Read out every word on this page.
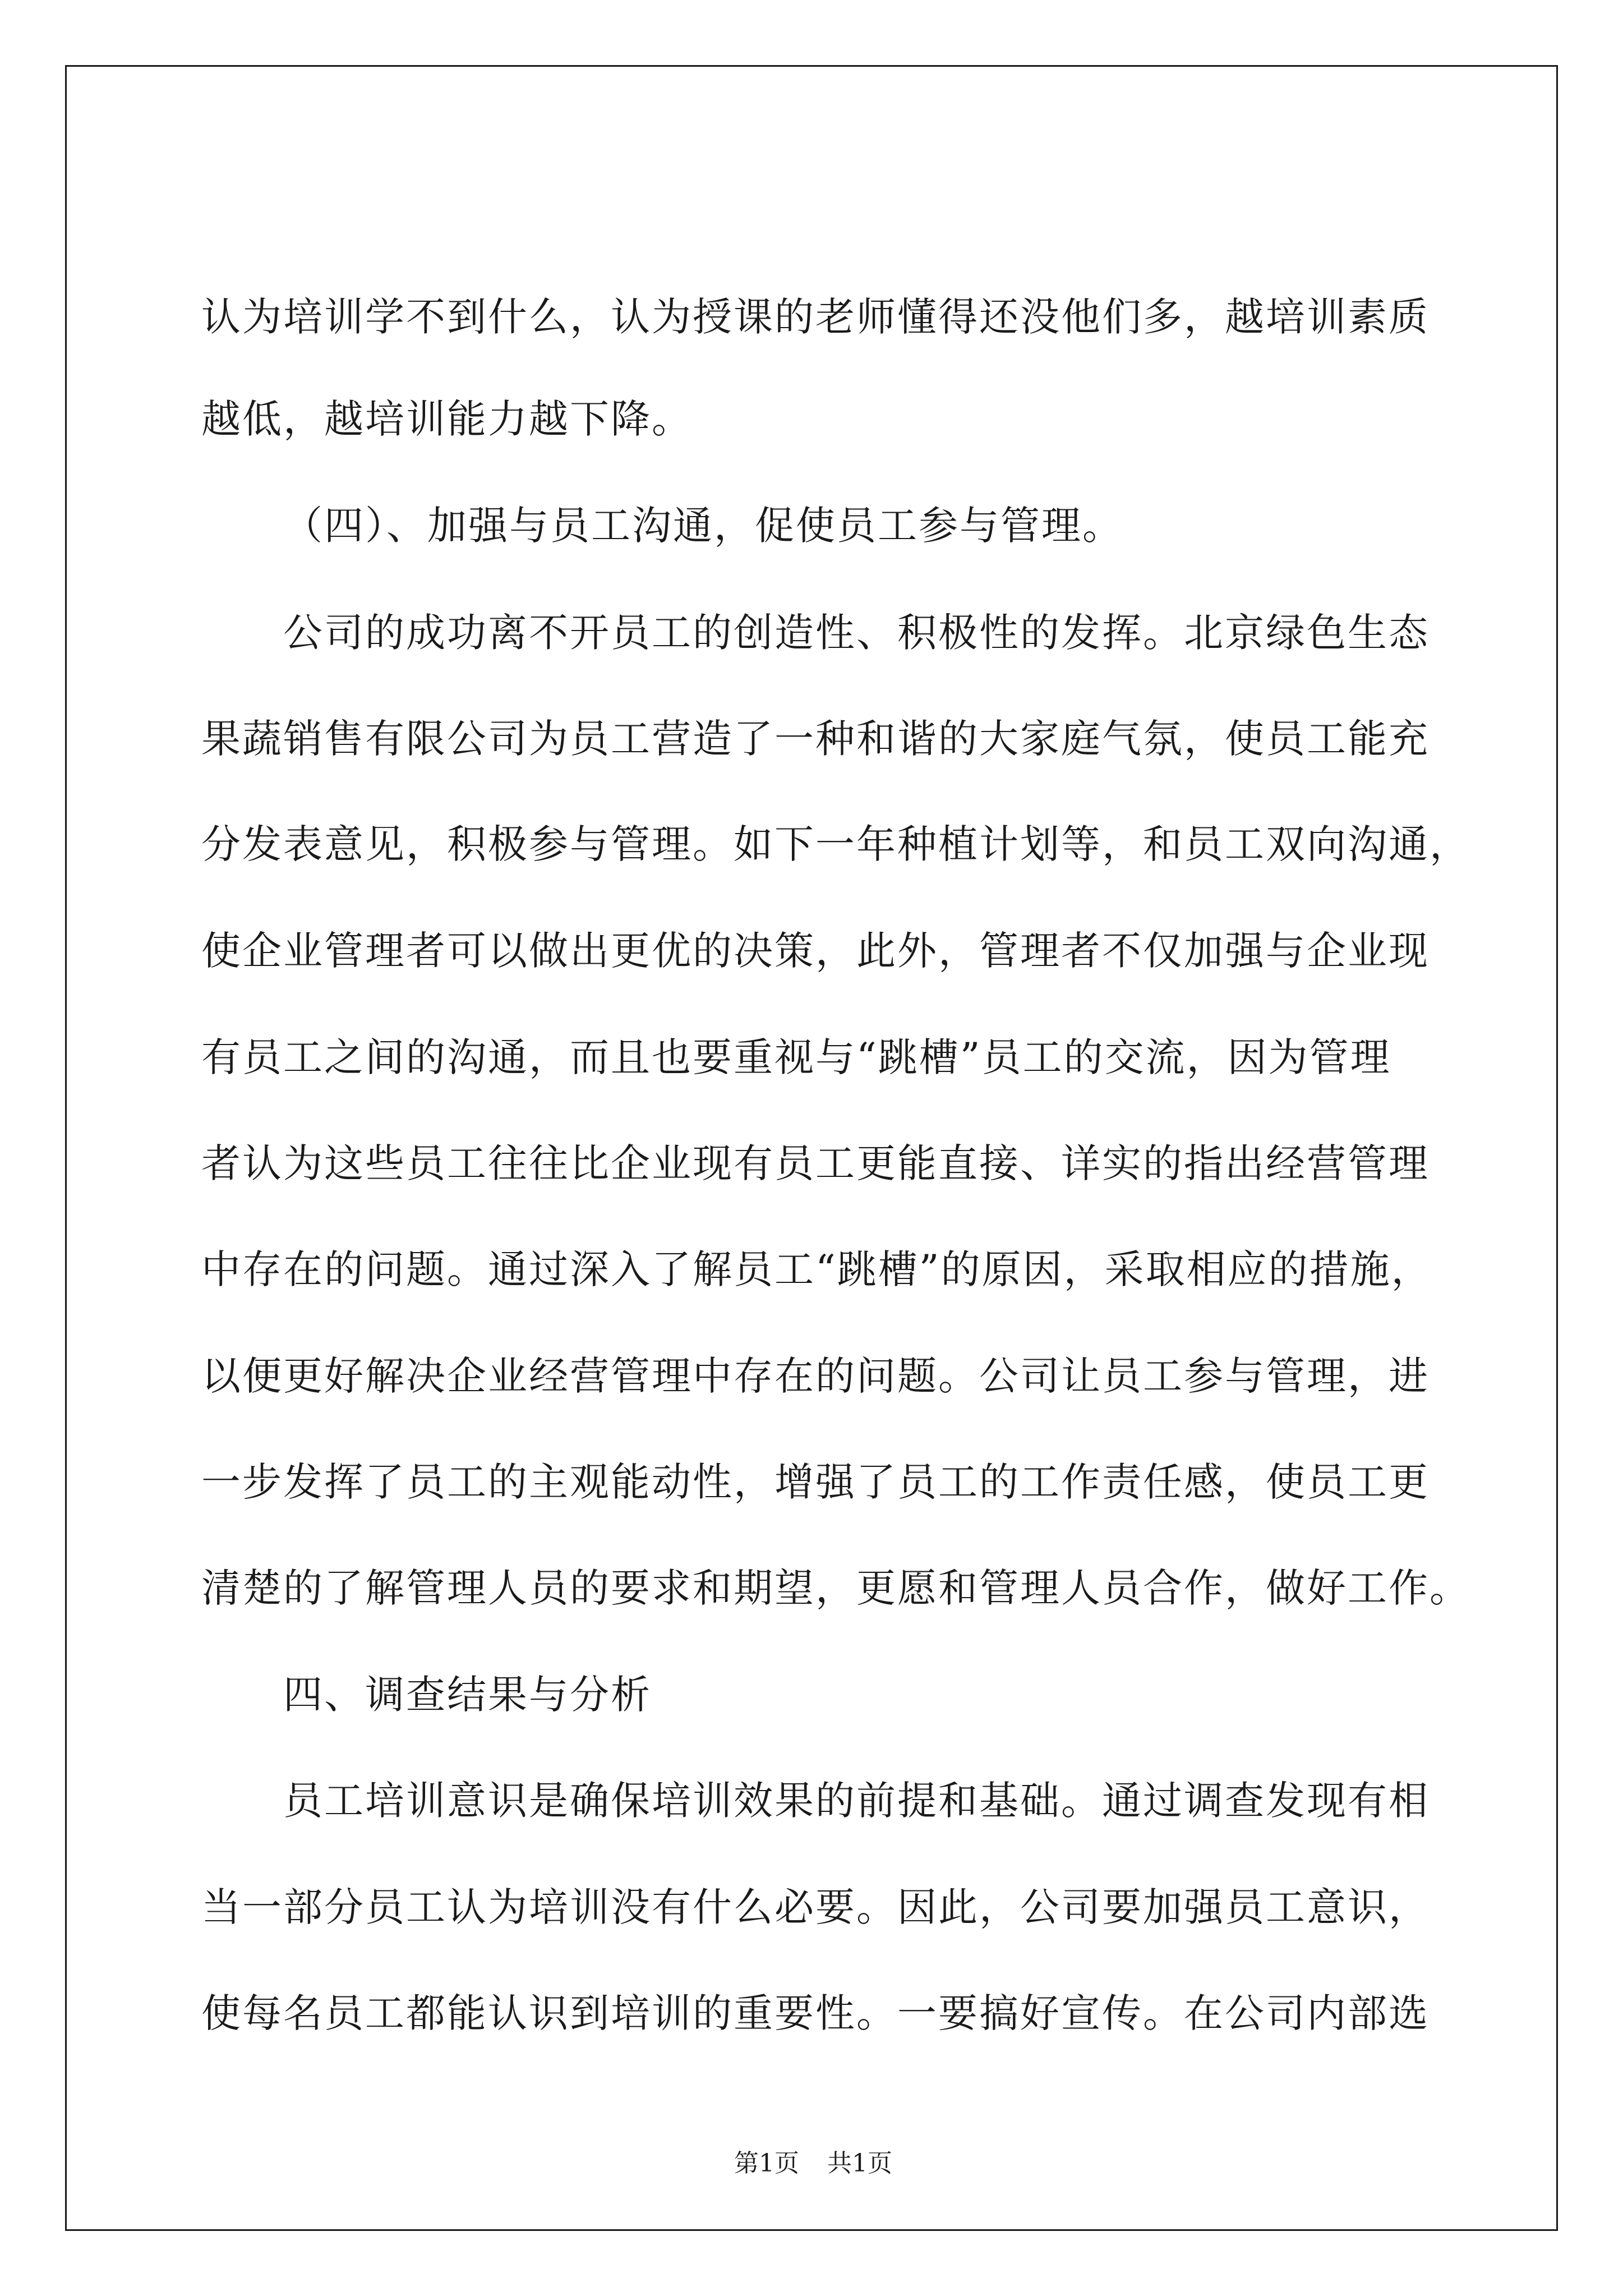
认为培训学不到什么，认为授课的老师懂得还没他们多，越培训素质
越低，越培训能力越下降。
（四）、加强与员工沟通，促使员工参与管理。
公司的成功离不开员工的创造性、积极性的发挥。北京绿色生态
果蔬销售有限公司为员工营造了一种和谐的大家庭气氛，使员工能充
分发表意见，积极参与管理。如下一年种植计划等，和员工双向沟通，
使企业管理者可以做出更优的决策，此外，管理者不仅加强与企业现
有员工之间的沟通，而且也要重视与“跳槽”员工的交流，因为管理
者认为这些员工往往比企业现有员工更能直接、详实的指出经营管理
中存在的问题。通过深入了解员工“跳槽”的原因，采取相应的措施，
以便更好解决企业经营管理中存在的问题。公司让员工参与管理，进
一步发挥了员工的主观能动性，增强了员工的工作责任感，使员工更
清楚的了解管理人员的要求和期望，更愿和管理人员合作，做好工作。
四、调查结果与分析
员工培训意识是确保培训效果的前提和基础。通过调查发现有相
当一部分员工认为培训没有什么必要。因此，公司要加强员工意识，
使每名员工都能认识到培训的重要性。一要搞好宣传。在公司内部选
第1页 共1页
